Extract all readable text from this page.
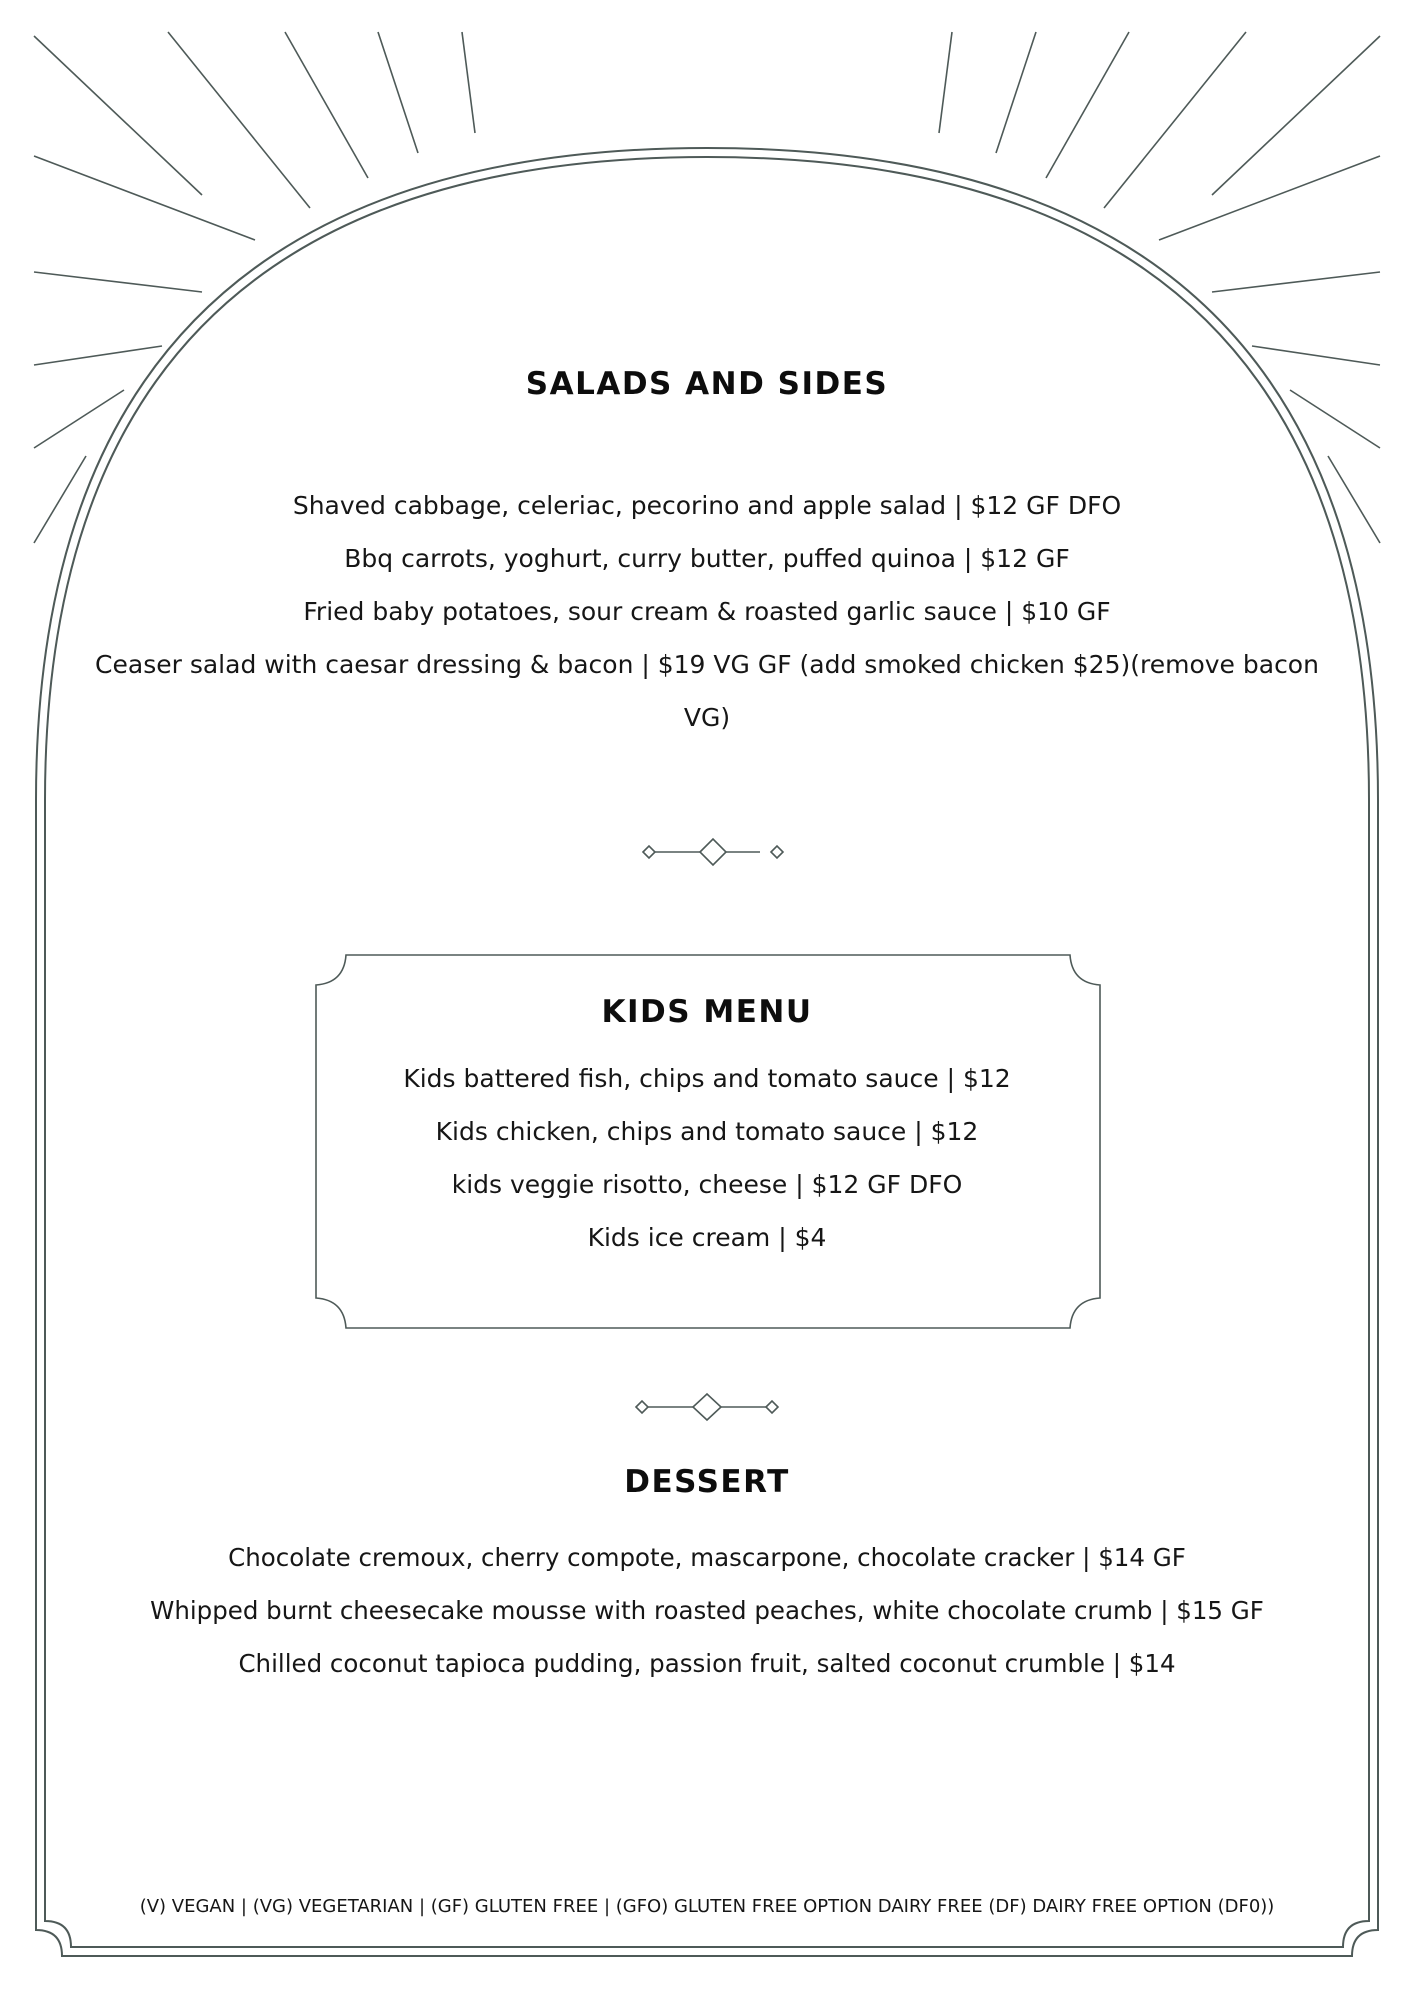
SALADS AND SIDES
Shaved cabbage, celeriac, pecorino and apple salad | $12 GF DFO
Bbq carrots, yoghurt, curry butter, puffed quinoa | $12 GF
Fried baby potatoes, sour cream & roasted garlic sauce | $10 GF
Ceaser salad with caesar dressing & bacon | $19 VG GF (add smoked chicken $25)(remove bacon VG)
KIDS MENU
Kids battered fish, chips and tomato sauce | $12
Kids chicken, chips and tomato sauce | $12
kids veggie risotto, cheese | $12 GF DFO
Kids ice cream | $4
DESSERT
Chocolate cremoux, cherry compote, mascarpone, chocolate cracker | $14 GF
Whipped burnt cheesecake mousse with roasted peaches, white chocolate crumb | $15 GF
Chilled coconut tapioca pudding, passion fruit, salted coconut crumble | $14

(V) VEGAN | (VG) VEGETARIAN | (GF) GLUTEN FREE | (GFO) GLUTEN FREE OPTION DAIRY FREE (DF) DAIRY FREE OPTION (DF0))
